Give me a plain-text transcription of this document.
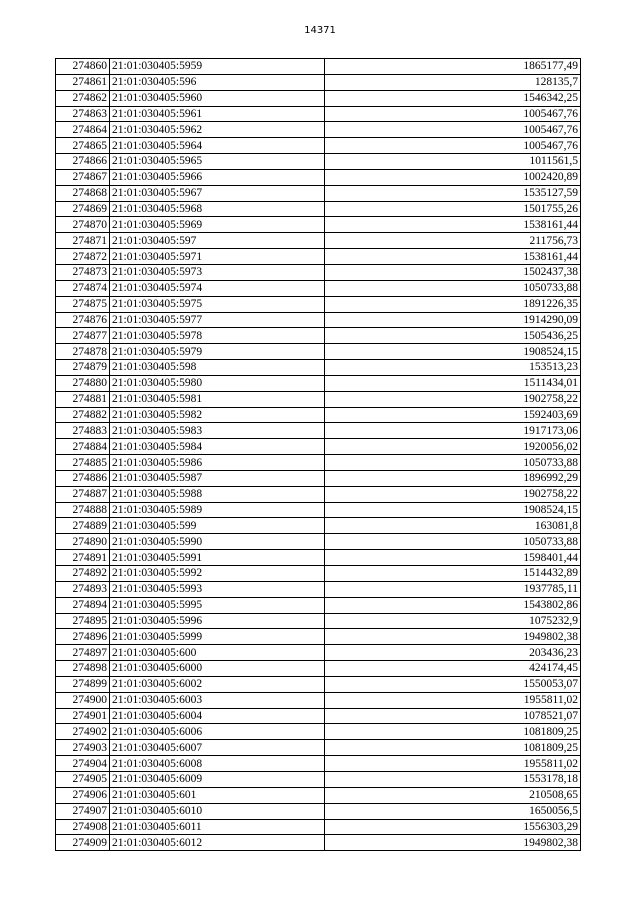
14371
274860	21:01:030405:5959	1865177,49
274861	21:01:030405:596	128135,7
274862	21:01:030405:5960	1546342,25
274863	21:01:030405:5961	1005467,76
274864	21:01:030405:5962	1005467,76
274865	21:01:030405:5964	1005467,76
274866	21:01:030405:5965	1011561,5
274867	21:01:030405:5966	1002420,89
274868	21:01:030405:5967	1535127,59
274869	21:01:030405:5968	1501755,26
274870	21:01:030405:5969	1538161,44
274871	21:01:030405:597	211756,73
274872	21:01:030405:5971	1538161,44
274873	21:01:030405:5973	1502437,38
274874	21:01:030405:5974	1050733,88
274875	21:01:030405:5975	1891226,35
274876	21:01:030405:5977	1914290,09
274877	21:01:030405:5978	1505436,25
274878	21:01:030405:5979	1908524,15
274879	21:01:030405:598	153513,23
274880	21:01:030405:5980	1511434,01
274881	21:01:030405:5981	1902758,22
274882	21:01:030405:5982	1592403,69
274883	21:01:030405:5983	1917173,06
274884	21:01:030405:5984	1920056,02
274885	21:01:030405:5986	1050733,88
274886	21:01:030405:5987	1896992,29
274887	21:01:030405:5988	1902758,22
274888	21:01:030405:5989	1908524,15
274889	21:01:030405:599	163081,8
274890	21:01:030405:5990	1050733,88
274891	21:01:030405:5991	1598401,44
274892	21:01:030405:5992	1514432,89
274893	21:01:030405:5993	1937785,11
274894	21:01:030405:5995	1543802,86
274895	21:01:030405:5996	1075232,9
274896	21:01:030405:5999	1949802,38
274897	21:01:030405:600	203436,23
274898	21:01:030405:6000	424174,45
274899	21:01:030405:6002	1550053,07
274900	21:01:030405:6003	1955811,02
274901	21:01:030405:6004	1078521,07
274902	21:01:030405:6006	1081809,25
274903	21:01:030405:6007	1081809,25
274904	21:01:030405:6008	1955811,02
274905	21:01:030405:6009	1553178,18
274906	21:01:030405:601	210508,65
274907	21:01:030405:6010	1650056,5
274908	21:01:030405:6011	1556303,29
274909	21:01:030405:6012	1949802,38
